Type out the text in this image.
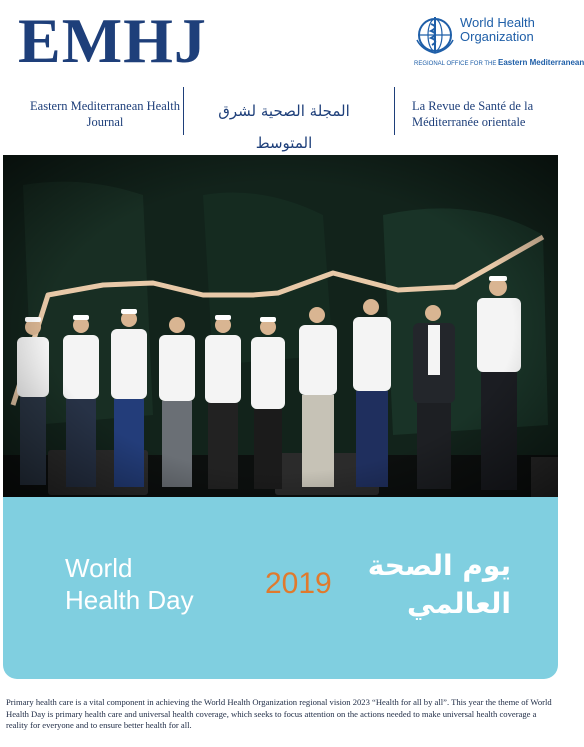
EMHJ	World Health
Organization
REGIONAL OFFICE FOR THE Eastern Mediterranean
Eastern Mediterranean Health Journal
المجلة الصحية لشرق المتوسط
La Revue de Santé de la Méditerranée orientale
World
Health Day 2019
يوم الصحة
العالمي
Primary health care is a vital component in achieving the World Health Organization regional vision 2023 “Health for all by all”. This year the theme of World Health Day is primary health care and universal health coverage, which seeks to focus attention on the actions needed to make universal health coverage a reality for everyone and to ensure better health for all.
